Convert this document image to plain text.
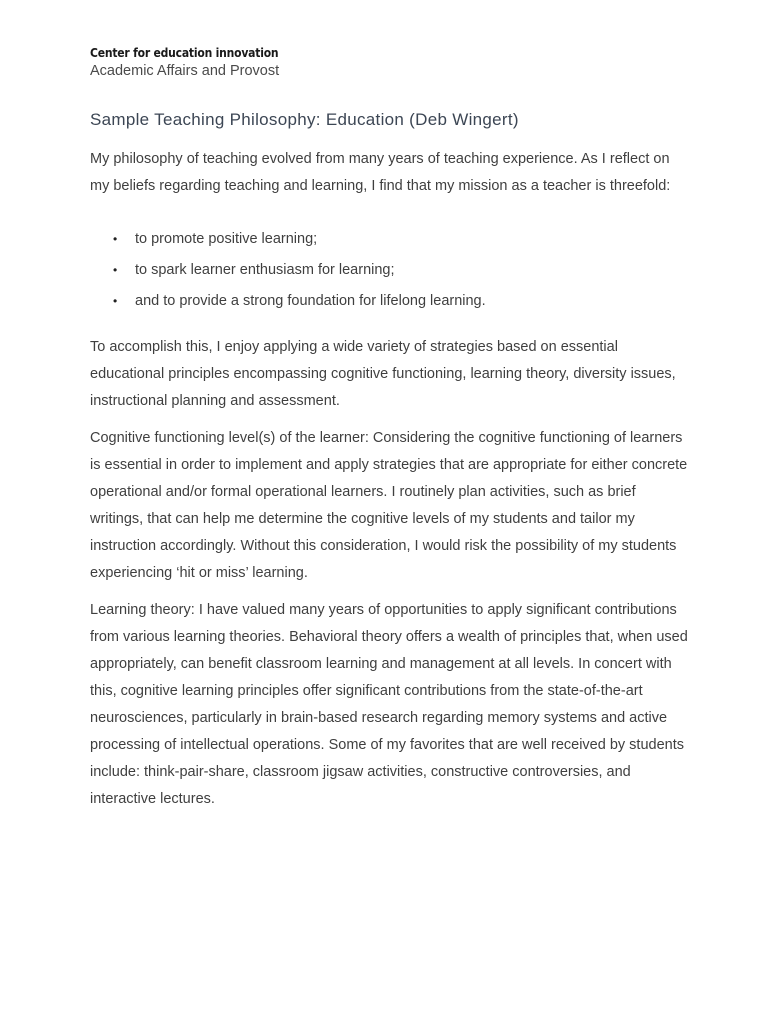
Center for education innovation
Academic Affairs and Provost
Sample Teaching Philosophy: Education (Deb Wingert)

My philosophy of teaching evolved from many years of teaching experience. As I reflect on my beliefs regarding teaching and learning, I find that my mission as a teacher is threefold:

• to promote positive learning;
• to spark learner enthusiasm for learning;
• and to provide a strong foundation for lifelong learning.

To accomplish this, I enjoy applying a wide variety of strategies based on essential educational principles encompassing cognitive functioning, learning theory, diversity issues, instructional planning and assessment.

Cognitive functioning level(s) of the learner: Considering the cognitive functioning of learners is essential in order to implement and apply strategies that are appropriate for either concrete operational and/or formal operational learners. I routinely plan activities, such as brief writings, that can help me determine the cognitive levels of my students and tailor my instruction accordingly. Without this consideration, I would risk the possibility of my students experiencing ‘hit or miss’ learning.

Learning theory: I have valued many years of opportunities to apply significant contributions from various learning theories. Behavioral theory offers a wealth of principles that, when used appropriately, can benefit classroom learning and management at all levels. In concert with this, cognitive learning principles offer significant contributions from the state-of-the-art neurosciences, particularly in brain-based research regarding memory systems and active processing of intellectual operations. Some of my favorites that are well received by students include: think-pair-share, classroom jigsaw activities, constructive controversies, and interactive lectures.
